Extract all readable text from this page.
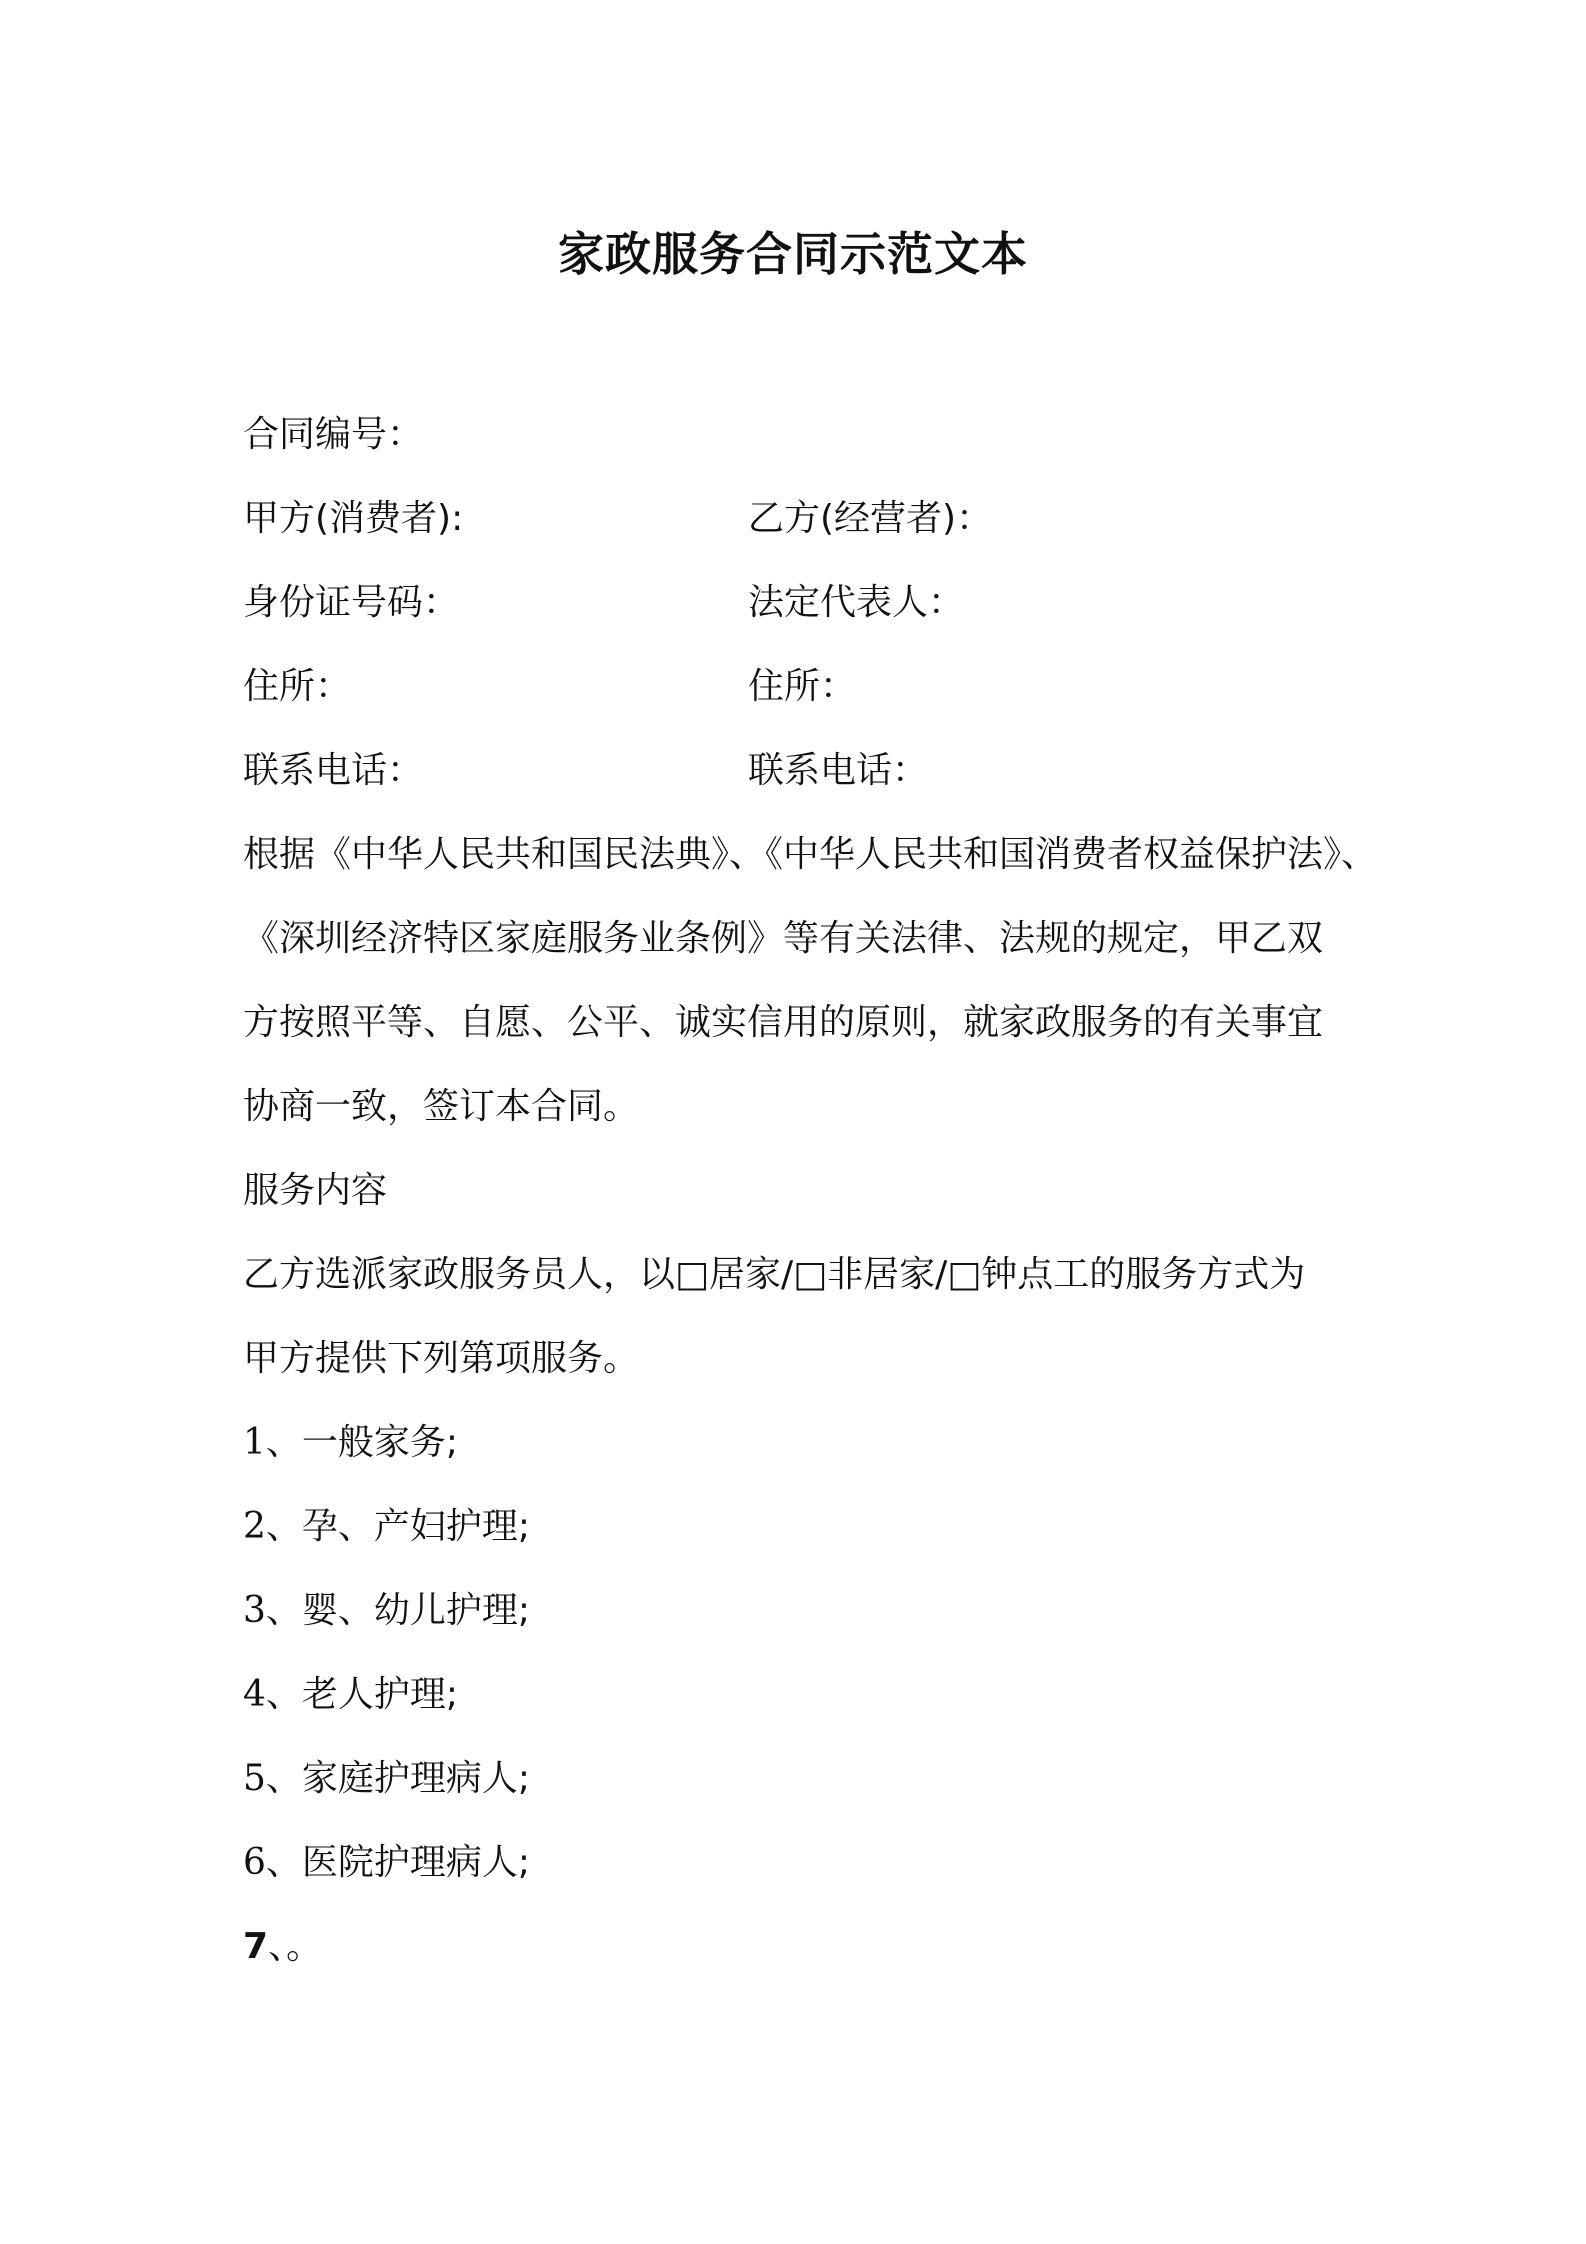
家政服务合同示范文本
合同编号：
甲方(消费者):	乙方(经营者)：
身份证号码：	法定代表人：
住所：	住所：
联系电话：	联系电话：
根据《中华人民共和国民法典》、《中华人民共和国消费者权益保护法》、
《深圳经济特区家庭服务业条例》等有关法律、法规的规定，甲乙双
方按照平等、自愿、公平、诚实信用的原则，就家政服务的有关事宜
协商一致，签订本合同。
服务内容
乙方选派家政服务员人，以□居家/□非居家/□钟点工的服务方式为
甲方提供下列第项服务。
1、一般家务;
2、孕、产妇护理;
3、婴、幼儿护理;
4、老人护理;
5、家庭护理病人;
6、医院护理病人;
7、。
